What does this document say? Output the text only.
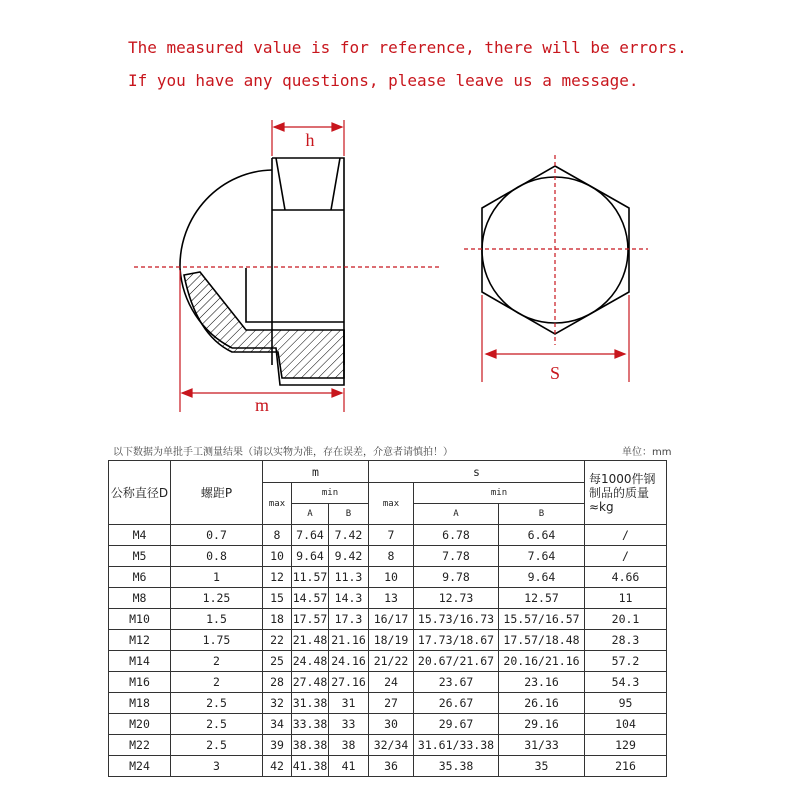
The measured value is for reference, there will be errors.
If you have any questions, please leave us a message.
h
m
S
以下数据为单批手工测量结果（请以实物为准，存在误差，介意者请慎拍！）	单位：mm
公称直径D	螺距P	m			s			每1000件钢制品的质量 ≈kg
		max	min		max	min		
			A	B		A	B	
M4	0.7	8	7.64	7.42	7	6.78	6.64	/
M5	0.8	10	9.64	9.42	8	7.78	7.64	/
M6	1	12	11.57	11.3	10	9.78	9.64	4.66
M8	1.25	15	14.57	14.3	13	12.73	12.57	11
M10	1.5	18	17.57	17.3	16/17	15.73/16.73	15.57/16.57	20.1
M12	1.75	22	21.48	21.16	18/19	17.73/18.67	17.57/18.48	28.3
M14	2	25	24.48	24.16	21/22	20.67/21.67	20.16/21.16	57.2
M16	2	28	27.48	27.16	24	23.67	23.16	54.3
M18	2.5	32	31.38	31	27	26.67	26.16	95
M20	2.5	34	33.38	33	30	29.67	29.16	104
M22	2.5	39	38.38	38	32/34	31.61/33.38	31/33	129
M24	3	42	41.38	41	36	35.38	35	216
